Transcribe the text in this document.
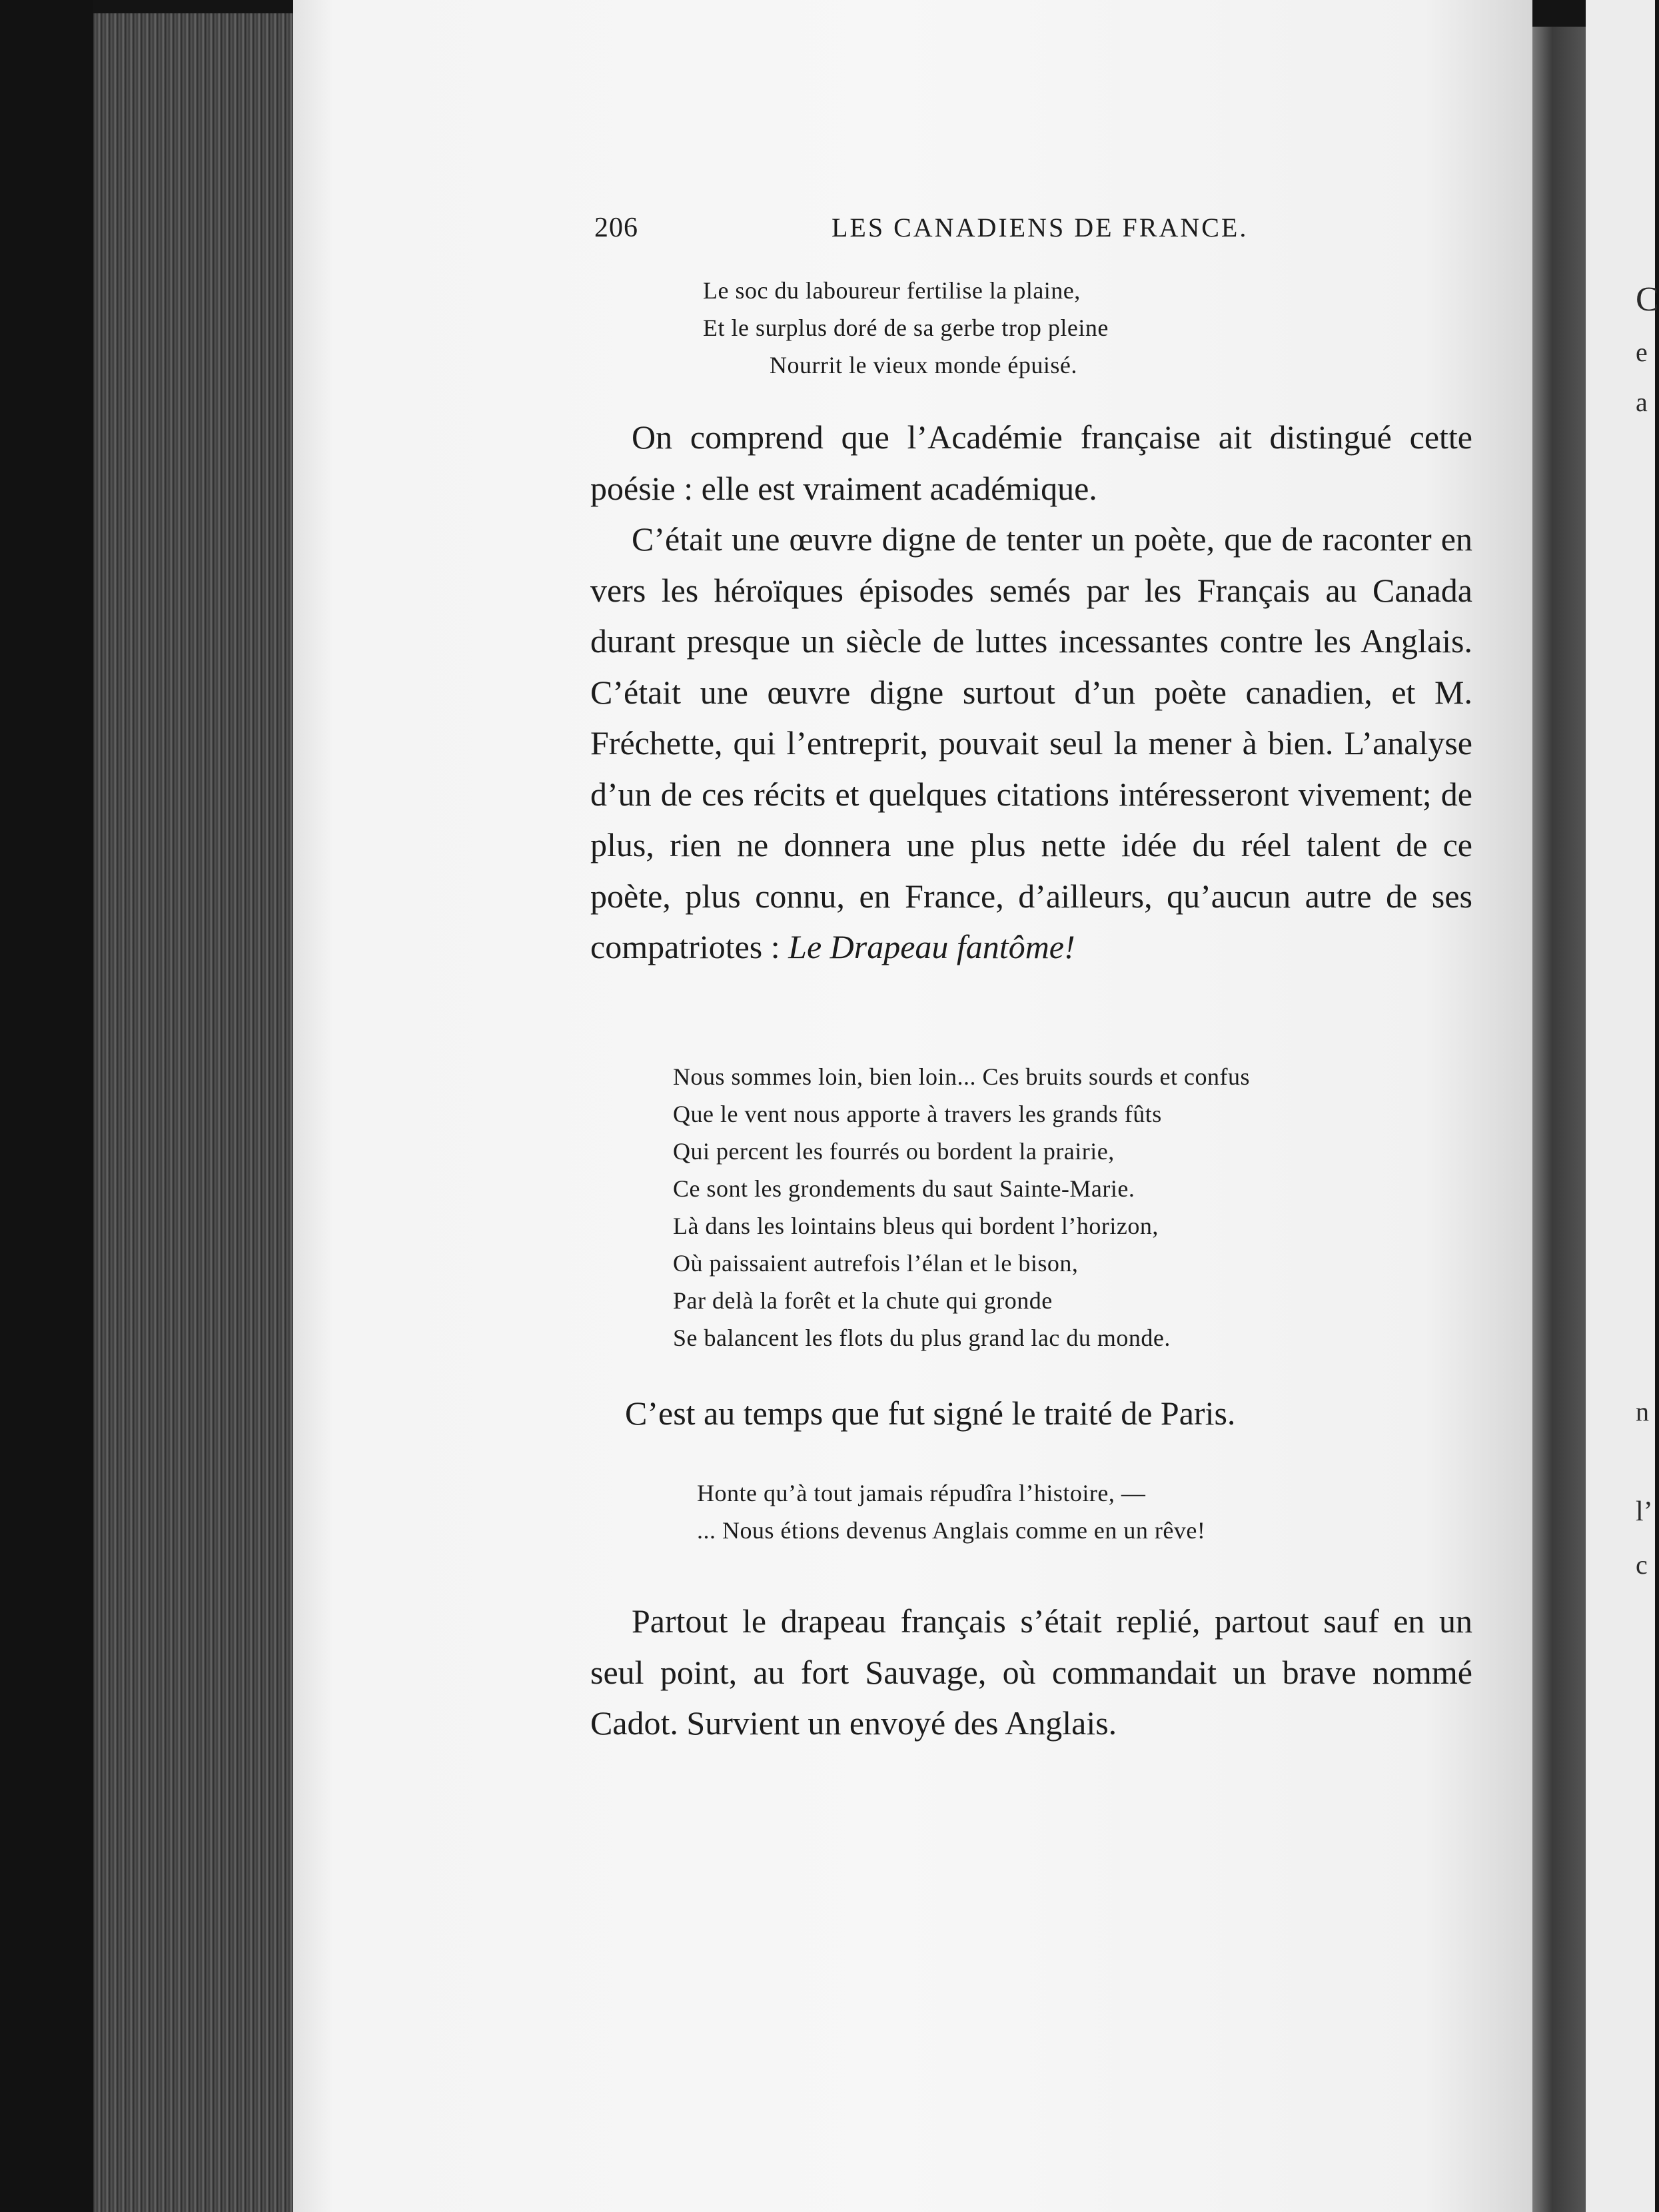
206	LES CANADIENS DE FRANCE.
Le soc du laboureur fertilise la plaine,
Et le surplus doré de sa gerbe trop pleine
Nourrit le vieux monde épuisé.

On comprend que l’Académie française ait distingué cette poésie : elle est vraiment académique.

C’était une œuvre digne de tenter un poète, que de raconter en vers les héroïques épisodes semés par les Français au Canada durant presque un siècle de luttes incessantes contre les Anglais. C’était une œuvre digne surtout d’un poète canadien, et M. Fréchette, qui l’entreprit, pouvait seul la mener à bien. L’analyse d’un de ces récits et quelques citations intéresseront vivement; de plus, rien ne donnera une plus nette idée du réel talent de ce poète, plus connu, en France, d’ailleurs, qu’aucun autre de ses compatriotes : Le Drapeau fantôme!

Nous sommes loin, bien loin... Ces bruits sourds et confus
Que le vent nous apporte à travers les grands fûts
Qui percent les fourrés ou bordent la prairie,
Ce sont les grondements du saut Sainte-Marie.
Là dans les lointains bleus qui bordent l’horizon,
Où paissaient autrefois l’élan et le bison,
Par delà la forêt et la chute qui gronde
Se balancent les flots du plus grand lac du monde.
C’est au temps que fut signé le traité de Paris.
Honte qu’à tout jamais répudîra l’histoire, —
... Nous étions devenus Anglais comme en un rêve!

Partout le drapeau français s’était replié, partout sauf en un seul point, au fort Sauvage, où commandait un brave nommé Cadot. Survient un envoyé des Anglais.

C
e
a
n
l’
c
